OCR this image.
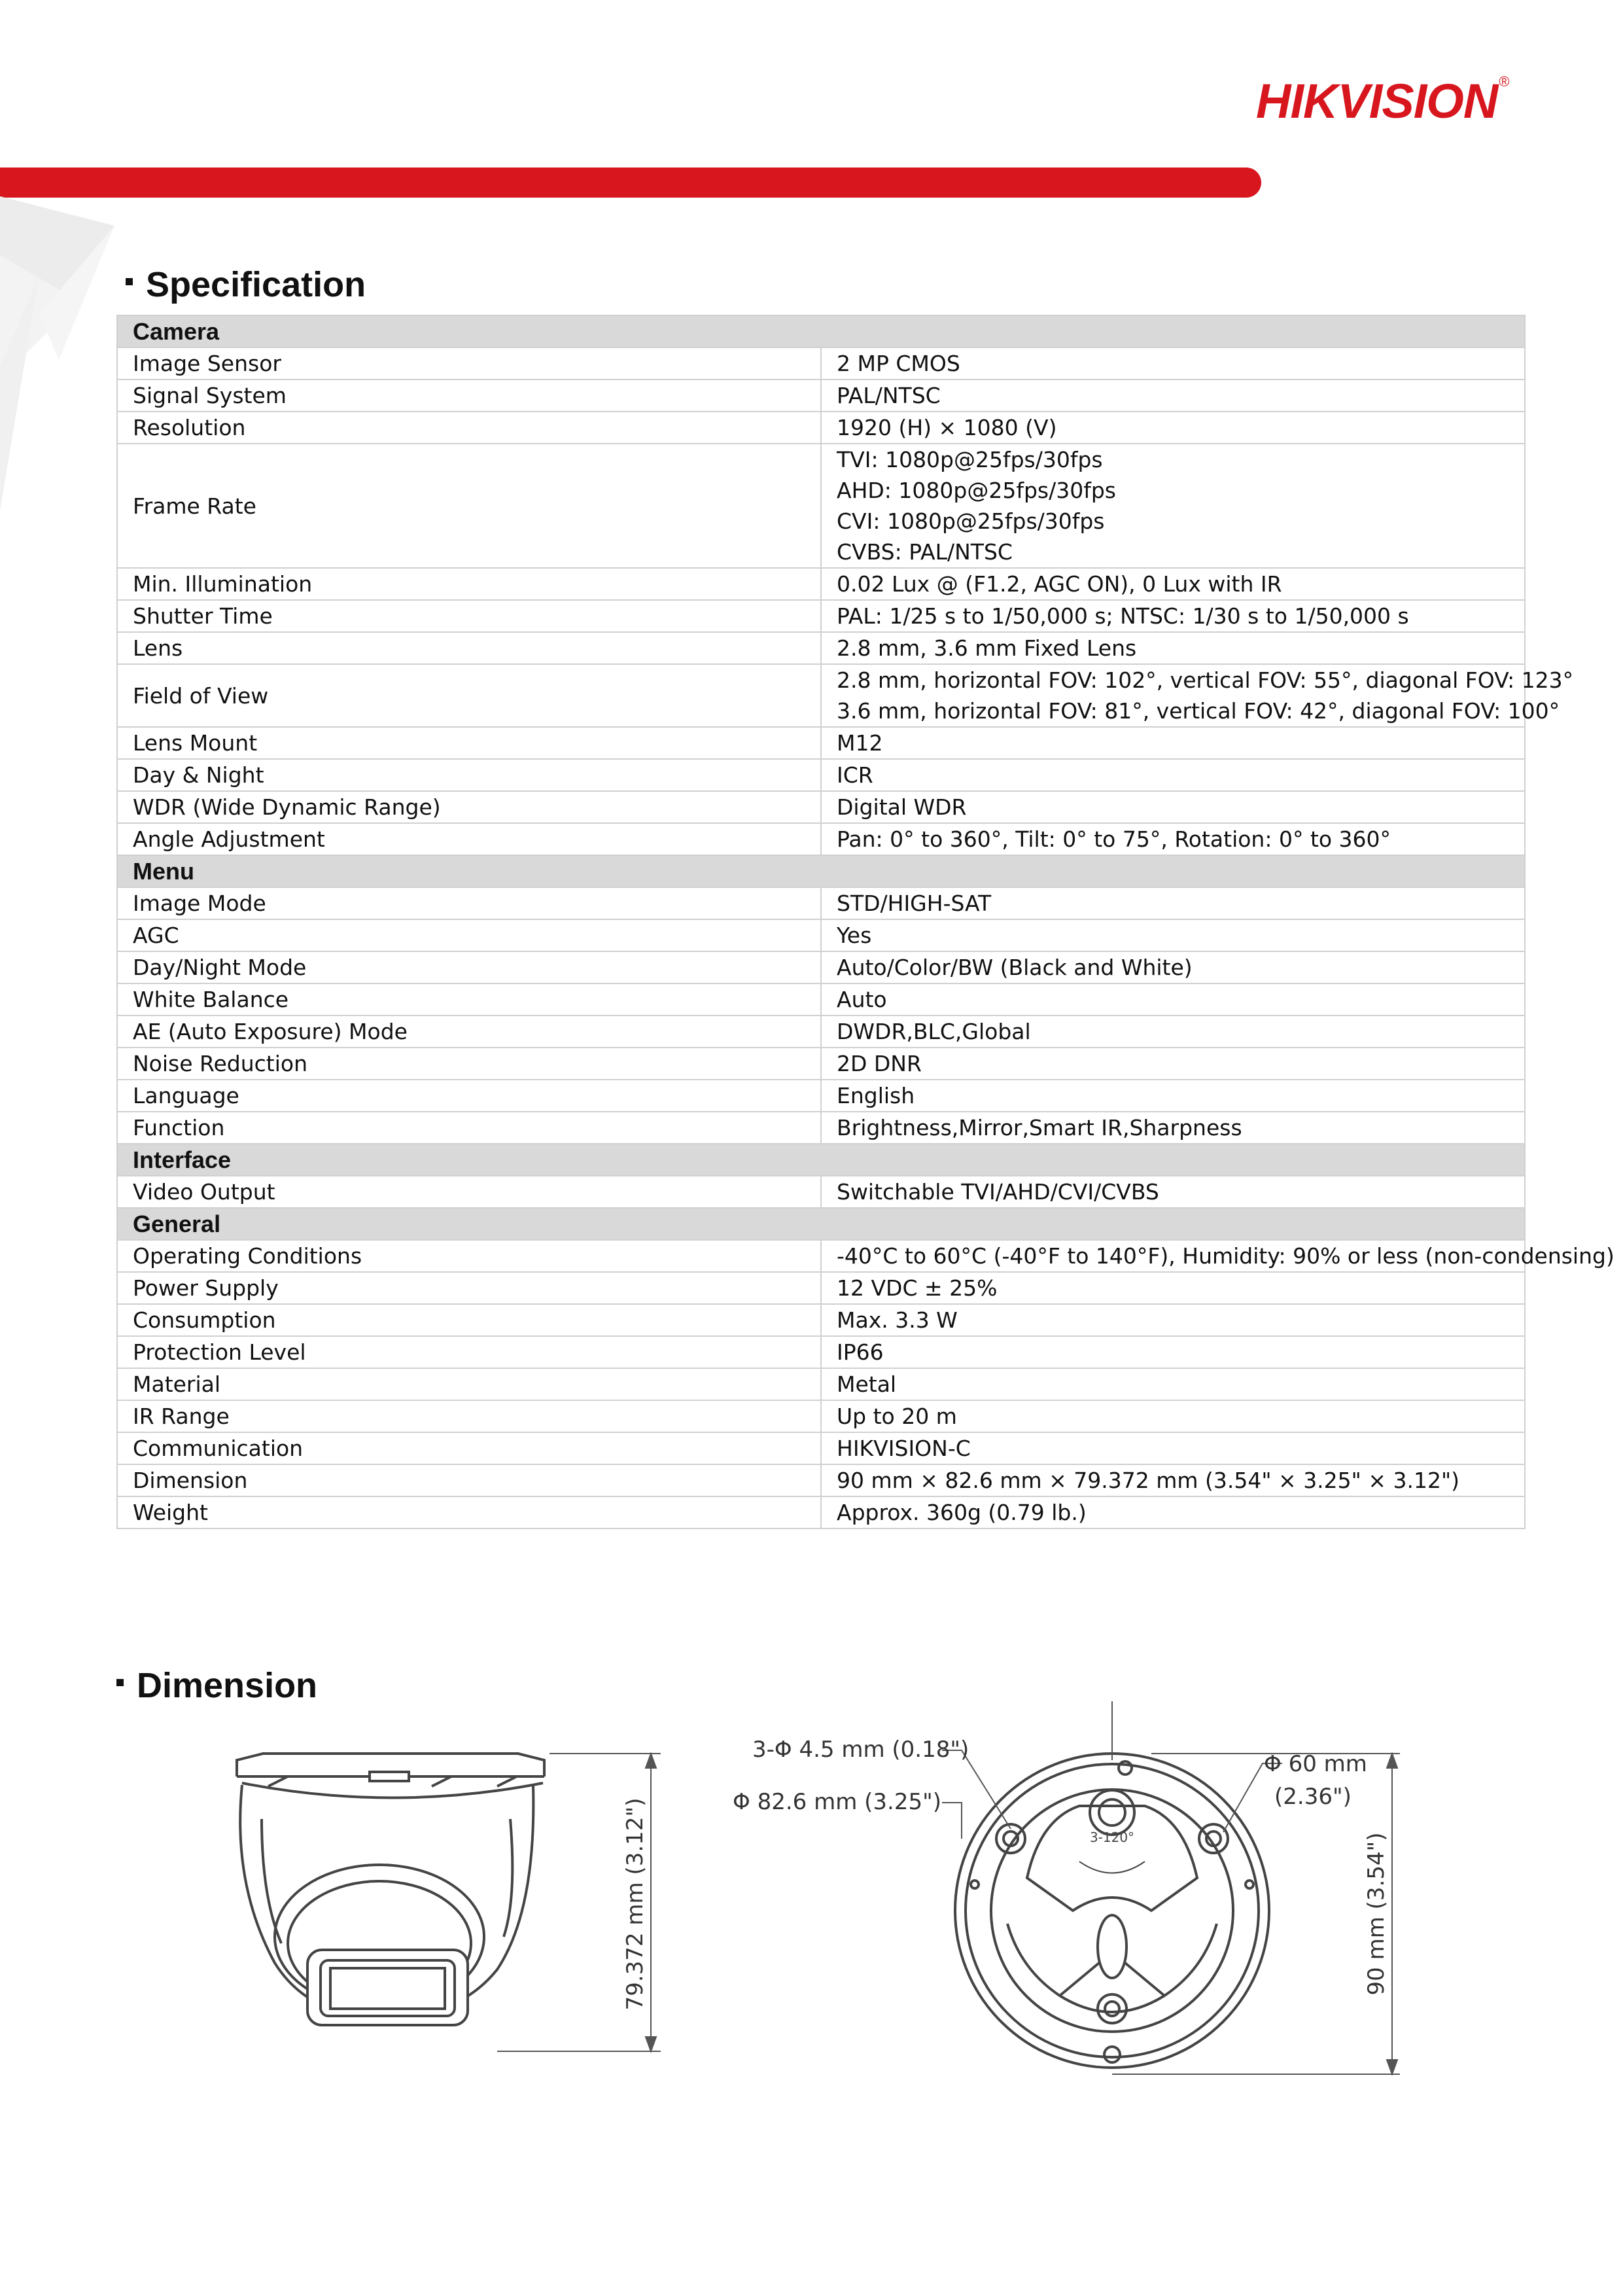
HIKVISION®
Specification
Camera	
Image Sensor	2 MP CMOS

Signal System	PAL/NTSC

Resolution	1920 (H) × 1080 (V)

Frame Rate	TVI: 1080p@25fps/30fps
AHD: 1080p@25fps/30fps
CVI: 1080p@25fps/30fps
CVBS: PAL/NTSC

Min. Illumination	0.02 Lux @ (F1.2, AGC ON), 0 Lux with IR

Shutter Time	PAL: 1/25 s to 1/50,000 s; NTSC: 1/30 s to 1/50,000 s

Lens	2.8 mm, 3.6 mm Fixed Lens

Field of View	2.8 mm, horizontal FOV: 102°, vertical FOV: 55°, diagonal FOV: 123°
3.6 mm, horizontal FOV: 81°, vertical FOV: 42°, diagonal FOV: 100°

Lens Mount	M12

Day & Night	ICR

WDR (Wide Dynamic Range)	Digital WDR

Angle Adjustment	Pan: 0° to 360°, Tilt: 0° to 75°, Rotation: 0° to 360°

Menu	
Image Mode	STD/HIGH-SAT

AGC	Yes

Day/Night Mode	Auto/Color/BW (Black and White)

White Balance	Auto

AE (Auto Exposure) Mode	DWDR,BLC,Global

Noise Reduction	2D DNR

Language	English

Function	Brightness,Mirror,Smart IR,Sharpness

Interface	
Video Output	Switchable TVI/AHD/CVI/CVBS

General	
Operating Conditions	-40°C to 60°C (-40°F to 140°F), Humidity: 90% or less (non-condensing)

Power Supply	12 VDC ± 25%

Consumption	Max. 3.3 W

Protection Level	IP66

Material	Metal

IR Range	Up to 20 m

Communication	HIKVISION-C

Dimension	90 mm × 82.6 mm × 79.372 mm (3.54" × 3.25" × 3.12")

Weight	Approx. 360g (0.79 lb.)
Dimension
79.372 mm (3.12")	3-120°
3-Φ 4.5 mm (0.18")
Φ 82.6 mm (3.25")
Φ 60 mm
(2.36")
90 mm (3.54")
